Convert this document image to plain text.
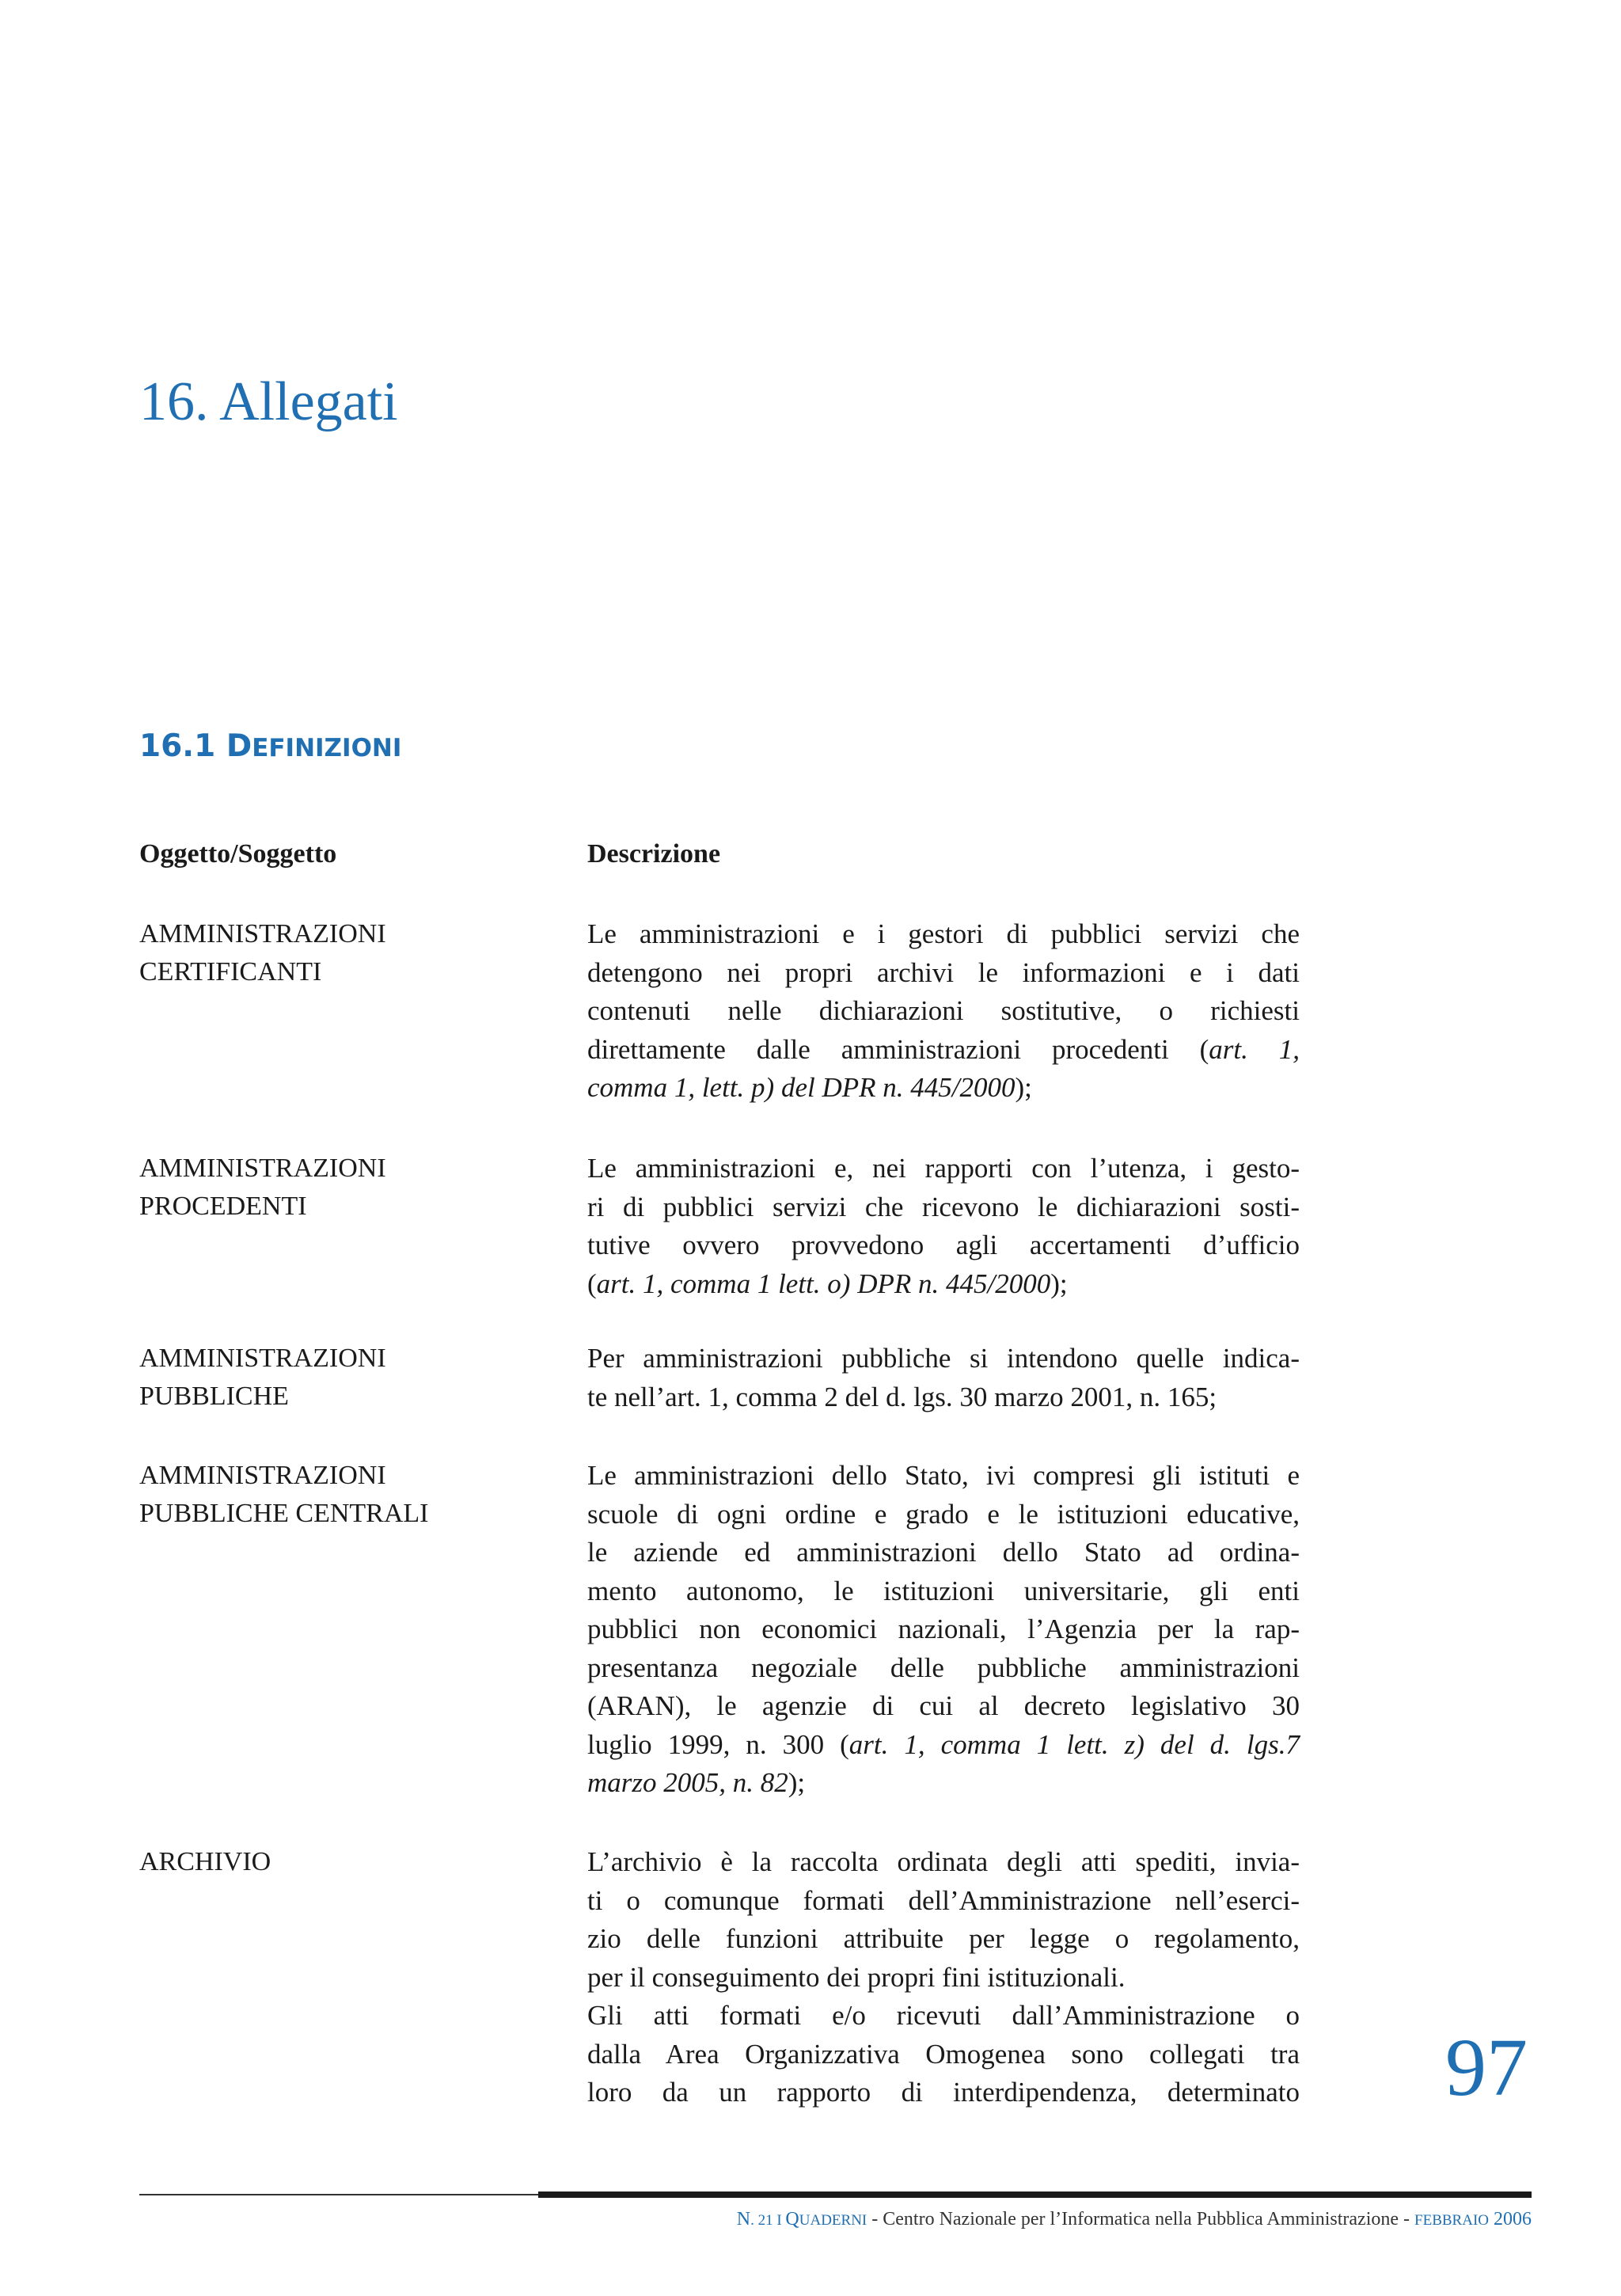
16. Allegati
16.1 DEFINIZIONI
Oggetto/Soggetto	Descrizione
AMMINISTRAZIONI
CERTIFICANTI
Le amministrazioni e i gestori di pubblici servizi che
detengono nei propri archivi le informazioni e i dati
contenuti nelle dichiarazioni sostitutive, o richiesti
direttamente dalle amministrazioni procedenti (art. 1,
comma 1, lett. p) del DPR n. 445/2000);
AMMINISTRAZIONI
PROCEDENTI
Le amministrazioni e, nei rapporti con l’utenza, i gesto-
ri di pubblici servizi che ricevono le dichiarazioni sosti-
tutive ovvero provvedono agli accertamenti d’ufficio
(art. 1, comma 1 lett. o) DPR n. 445/2000);
AMMINISTRAZIONI
PUBBLICHE
Per amministrazioni pubbliche si intendono quelle indica-
te nell’art. 1, comma 2 del d. lgs. 30 marzo 2001, n. 165;
AMMINISTRAZIONI
PUBBLICHE CENTRALI
Le amministrazioni dello Stato, ivi compresi gli istituti e
scuole di ogni ordine e grado e le istituzioni educative,
le aziende ed amministrazioni dello Stato ad ordina-
mento autonomo, le istituzioni universitarie, gli enti
pubblici non economici nazionali, l’Agenzia per la rap-
presentanza negoziale delle pubbliche amministrazioni
(ARAN), le agenzie di cui al decreto legislativo 30
luglio 1999, n. 300 (art. 1, comma 1 lett. z) del d. lgs.7
marzo 2005, n. 82);
ARCHIVIO	L’archivio è la raccolta ordinata degli atti spediti, invia-
ti o comunque formati dell’Amministrazione nell’eserci-
zio delle funzioni attribuite per legge o regolamento,
per il conseguimento dei propri fini istituzionali.
Gli atti formati e/o ricevuti dall’Amministrazione o
dalla Area Organizzativa Omogenea sono collegati tra
loro da un rapporto di interdipendenza, determinato 97
N. 21 I QUADERNI - Centro Nazionale per l’Informatica nella Pubblica Amministrazione - FEBBRAIO 2006
